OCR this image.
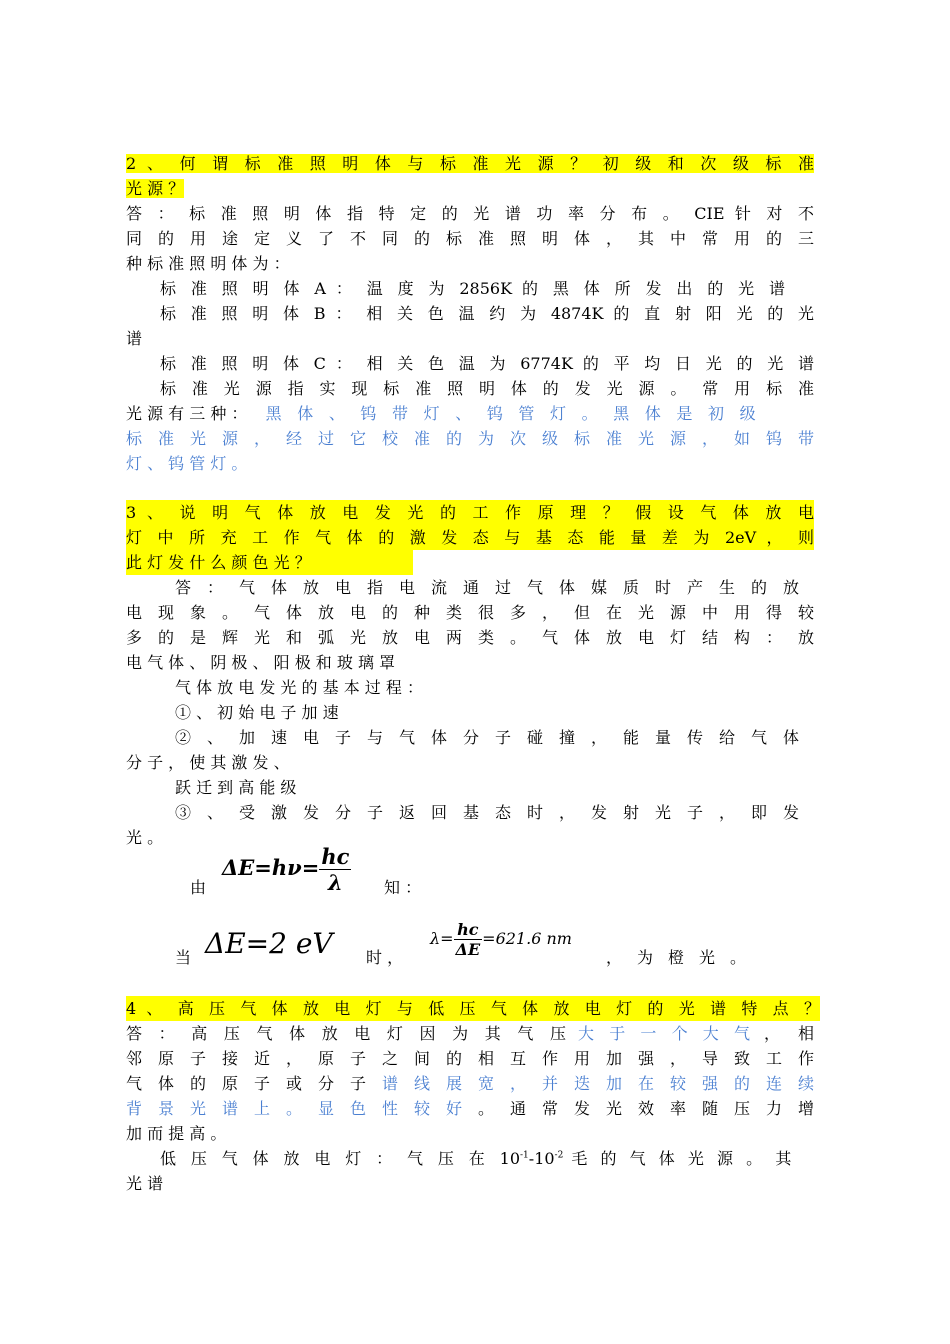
2 、 何 谓 标 准 照 明 体 与 标 准 光 源 ？ 初 级 和 次 级 标 准
光 源 ？
答 ： 标 准 照 明 体 指 特 定 的 光 谱 功 率 分 布 。 CIE 针 对 不
同 的 用 途 定 义 了 不 同 的 标 准 照 明 体 ， 其 中 常 用 的 三
种 标 准 照 明 体 为 ：
标 准 照 明 体 A ： 温 度 为 2856K 的 黑 体 所 发 出 的 光 谱
标 准 照 明 体 B ： 相 关 色 温 约 为 4874K 的 直 射 阳 光 的 光
谱
标 准 照 明 体 C ： 相 关 色 温 为 6774K 的 平 均 日 光 的 光 谱
标 准 光 源 指 实 现 标 准 照 明 体 的 发 光 源 。 常 用 标 准
光 源 有 三 种 ： 黑 体 、 钨 带 灯 、 钨 管 灯 。 黑 体 是 初 级
标 准 光 源 ， 经 过 它 校 准 的 为 次 级 标 准 光 源 ， 如 钨 带
灯 、 钨 管 灯 。
3 、 说 明 气 体 放 电 发 光 的 工 作 原 理 ？ 假 设 气 体 放 电
灯 中 所 充 工 作 气 体 的 激 发 态 与 基 态 能 量 差 为 2eV ， 则
此 灯 发 什 么 颜 色 光 ？
答 ： 气 体 放 电 指 电 流 通 过 气 体 媒 质 时 产 生 的 放
电 现 象 。 气 体 放 电 的 种 类 很 多 ， 但 在 光 源 中 用 得 较
多 的 是 辉 光 和 弧 光 放 电 两 类 。 气 体 放 电 灯 结 构 ： 放
电 气 体 、 阴 极 、 阳 极 和 玻 璃 罩
气 体 放 电 发 光 的 基 本 过 程 ：
① 、 初 始 电 子 加 速
② 、 加 速 电 子 与 气 体 分 子 碰 撞 ， 能 量 传 给 气 体
分 子 ， 使 其 激 发 、
跃 迁 到 高 能 级
③ 、 受 激 发 分 子 返 回 基 态 时 ， 发 射 光 子 ， 即 发
光 。
由
$\Delta E=h\nu= \frac{hc}{\lambda}$ 知 ：
当 ΔE=2 eV 时 ，
$\lambda= \frac{hc}{\Delta E} =621.6$ nm
， 为 橙 光 。
4 、 高 压 气 体 放 电 灯 与 低 压 气 体 放 电 灯 的 光 谱 特 点 ？
答 ： 高 压 气 体 放 电 灯 因 为 其 气 压 大 于 一 个 大 气 ， 相
邻 原 子 接 近 ， 原 子 之 间 的 相 互 作 用 加 强 ， 导 致 工 作
气 体 的 原 子 或 分 子 谱 线 展 宽 ， 并 迭 加 在 较 强 的 连 续
背 景 光 谱 上 。 显 色 性 较 好 。 通 常 发 光 效 率 随 压 力 增
加 而 提 高 。
低 压 气 体 放 电 灯 ： 气 压 在 $10^{-1}-10^{-2}$ 毛 的 气 体 光 源 。 其
光 谱
